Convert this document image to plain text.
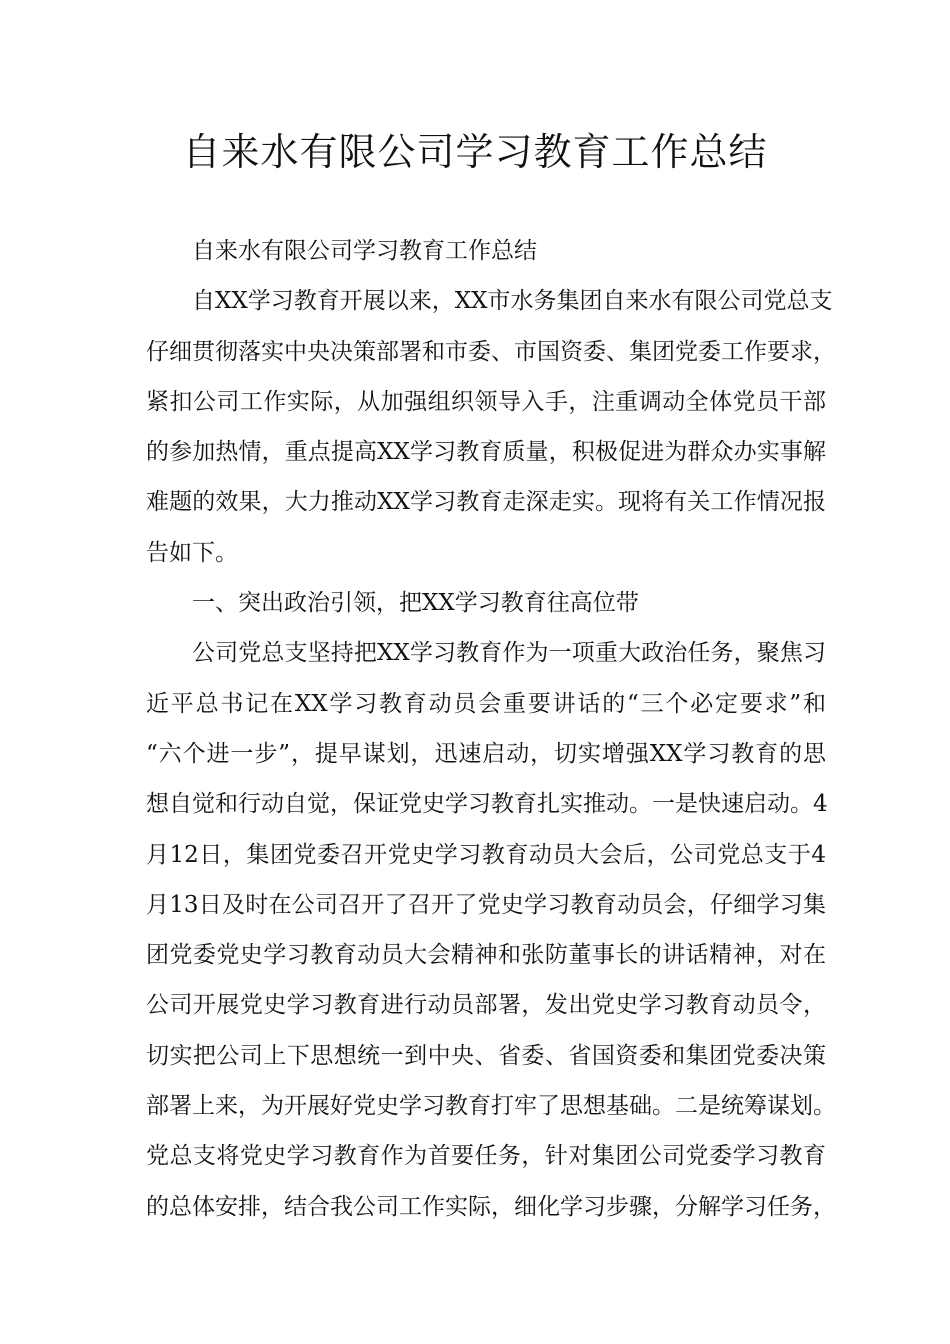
自来水有限公司学习教育工作总结
自来水有限公司学习教育工作总结
自XX学习教育开展以来，XX市水务集团自来水有限公司党总支
仔细贯彻落实中央决策部署和市委、市国资委、集团党委工作要求，
紧扣公司工作实际，从加强组织领导入手，注重调动全体党员干部
的参加热情，重点提高XX学习教育质量，积极促进为群众办实事解
难题的效果，大力推动XX学习教育走深走实。现将有关工作情况报
告如下。
一、突出政治引领，把XX学习教育往高位带
公司党总支坚持把XX学习教育作为一项重大政治任务，聚焦习
近平总书记在XX学习教育动员会重要讲话的“三个必定要求”和
“六个进一步”，提早谋划，迅速启动，切实增强XX学习教育的思
想自觉和行动自觉，保证党史学习教育扎实推动。一是快速启动。4
月12日，集团党委召开党史学习教育动员大会后，公司党总支于4
月13日及时在公司召开了召开了党史学习教育动员会，仔细学习集
团党委党史学习教育动员大会精神和张防董事长的讲话精神，对在
公司开展党史学习教育进行动员部署，发出党史学习教育动员令，
切实把公司上下思想统一到中央、省委、省国资委和集团党委决策
部署上来，为开展好党史学习教育打牢了思想基础。二是统筹谋划。
党总支将党史学习教育作为首要任务，针对集团公司党委学习教育
的总体安排，结合我公司工作实际，细化学习步骤，分解学习任务，
